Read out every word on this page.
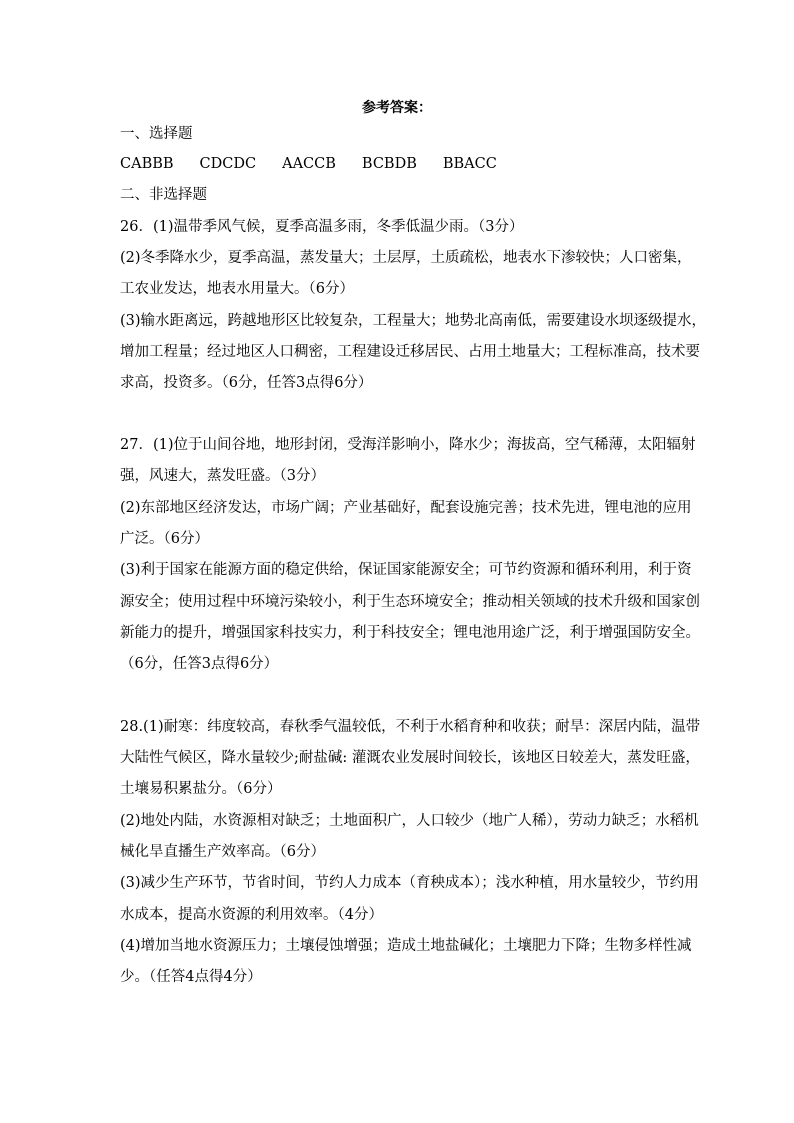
参考答案：
一、选择题
CABBB CDCDC AACCB BCBDB BBACC
二、非选择题
26．(1)温带季风气候，夏季高温多雨，冬季低温少雨。（3分）
(2)冬季降水少，夏季高温，蒸发量大；土层厚，土质疏松，地表水下渗较快；人口密集，
工农业发达，地表水用量大。（6分）
(3)输水距离远，跨越地形区比较复杂，工程量大；地势北高南低，需要建设水坝逐级提水，
增加工程量；经过地区人口稠密，工程建设迁移居民、占用土地量大；工程标准高，技术要
求高，投资多。（6分，任答3点得6分）
27．(1)位于山间谷地，地形封闭，受海洋影响小，降水少；海拔高，空气稀薄，太阳辐射
强，风速大，蒸发旺盛。（3分）
(2)东部地区经济发达，市场广阔；产业基础好，配套设施完善；技术先进，锂电池的应用
广泛。（6分）
(3)利于国家在能源方面的稳定供给，保证国家能源安全；可节约资源和循环利用，利于资
源安全；使用过程中环境污染较小，利于生态环境安全；推动相关领域的技术升级和国家创
新能力的提升，增强国家科技实力，利于科技安全；锂电池用途广泛，利于增强国防安全。
（6分，任答3点得6分）
28.(1)耐寒：纬度较高，春秋季气温较低，不利于水稻育种和收获；耐旱：深居内陆，温带
大陆性气候区，降水量较少;耐盐碱: 灌溉农业发展时间较长，该地区日较差大，蒸发旺盛，
土壤易积累盐分。（6分）
(2)地处内陆，水资源相对缺乏；土地面积广，人口较少（地广人稀），劳动力缺乏；水稻机
械化旱直播生产效率高。（6分）
(3)减少生产环节，节省时间，节约人力成本（育秧成本）；浅水种植，用水量较少，节约用
水成本，提高水资源的利用效率。（4分）
(4)增加当地水资源压力；土壤侵蚀增强；造成土地盐碱化；土壤肥力下降；生物多样性减
少。（任答4点得4分）
